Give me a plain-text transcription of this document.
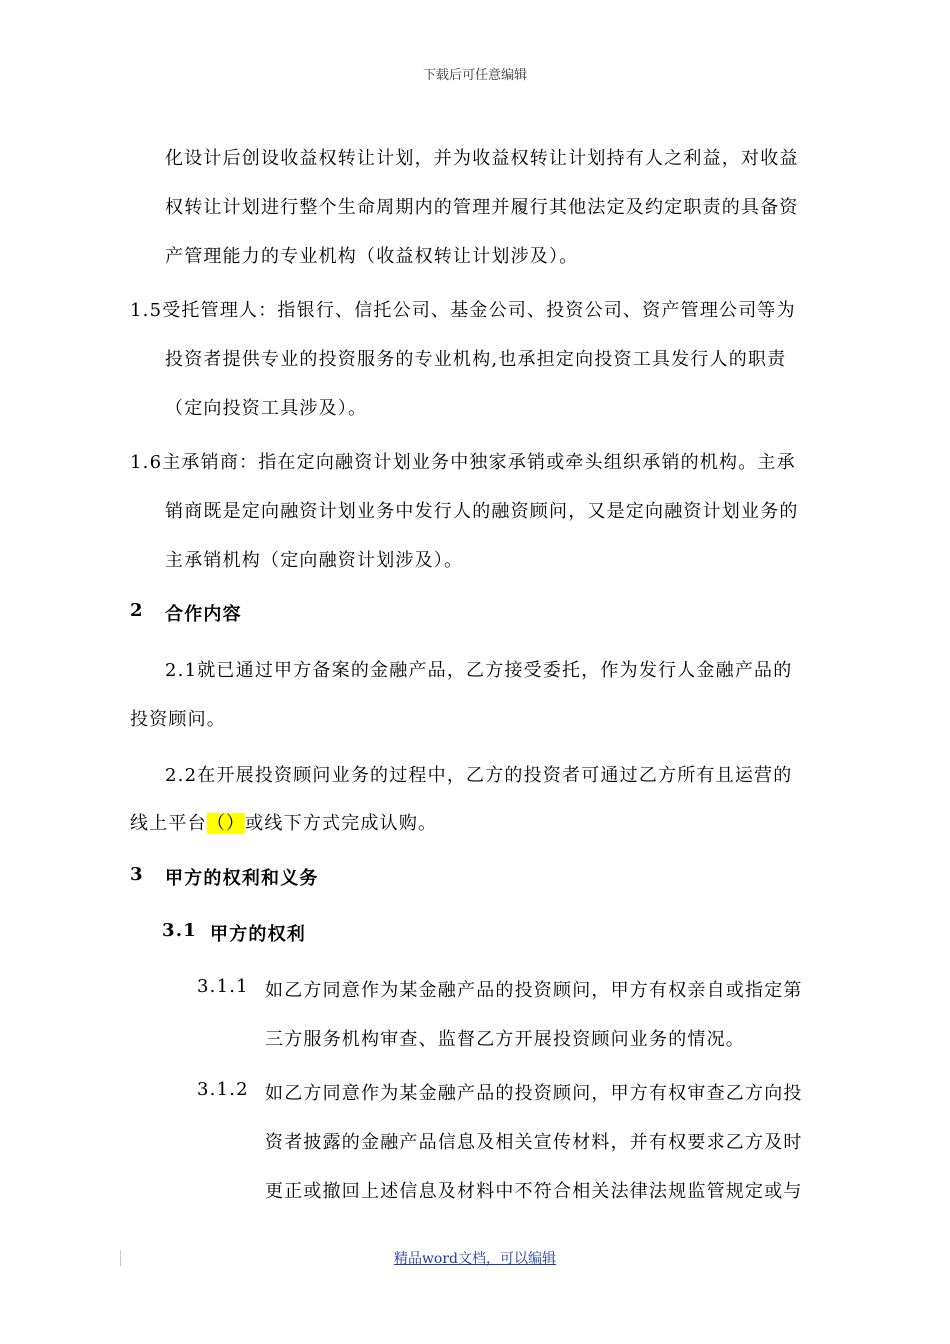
下载后可任意编辑
化设计后创设收益权转让计划，并为收益权转让计划持有人之利益，对收益
权转让计划进行整个生命周期内的管理并履行其他法定及约定职责的具备资
产管理能力的专业机构（收益权转让计划涉及）。
1.5受托管理人：指银行、信托公司、基金公司、投资公司、资产管理公司等为
投资者提供专业的投资服务的专业机构,也承担定向投资工具发行人的职责
（定向投资工具涉及）。
1.6主承销商：指在定向融资计划业务中独家承销或牵头组织承销的机构。主承
销商既是定向融资计划业务中发行人的融资顾问，又是定向融资计划业务的
主承销机构（定向融资计划涉及）。
2 合作内容
2.1就已通过甲方备案的金融产品，乙方接受委托，作为发行人金融产品的
投资顾问。
2.2在开展投资顾问业务的过程中，乙方的投资者可通过乙方所有且运营的
线上平台（）或线下方式完成认购。
3 甲方的权利和义务
3.1 甲方的权利
3.1.1 如乙方同意作为某金融产品的投资顾问，甲方有权亲自或指定第
三方服务机构审查、监督乙方开展投资顾问业务的情况。
3.1.2 如乙方同意作为某金融产品的投资顾问，甲方有权审查乙方向投
资者披露的金融产品信息及相关宣传材料，并有权要求乙方及时
更正或撤回上述信息及材料中不符合相关法律法规监管规定或与
精品word文档，可以编辑
